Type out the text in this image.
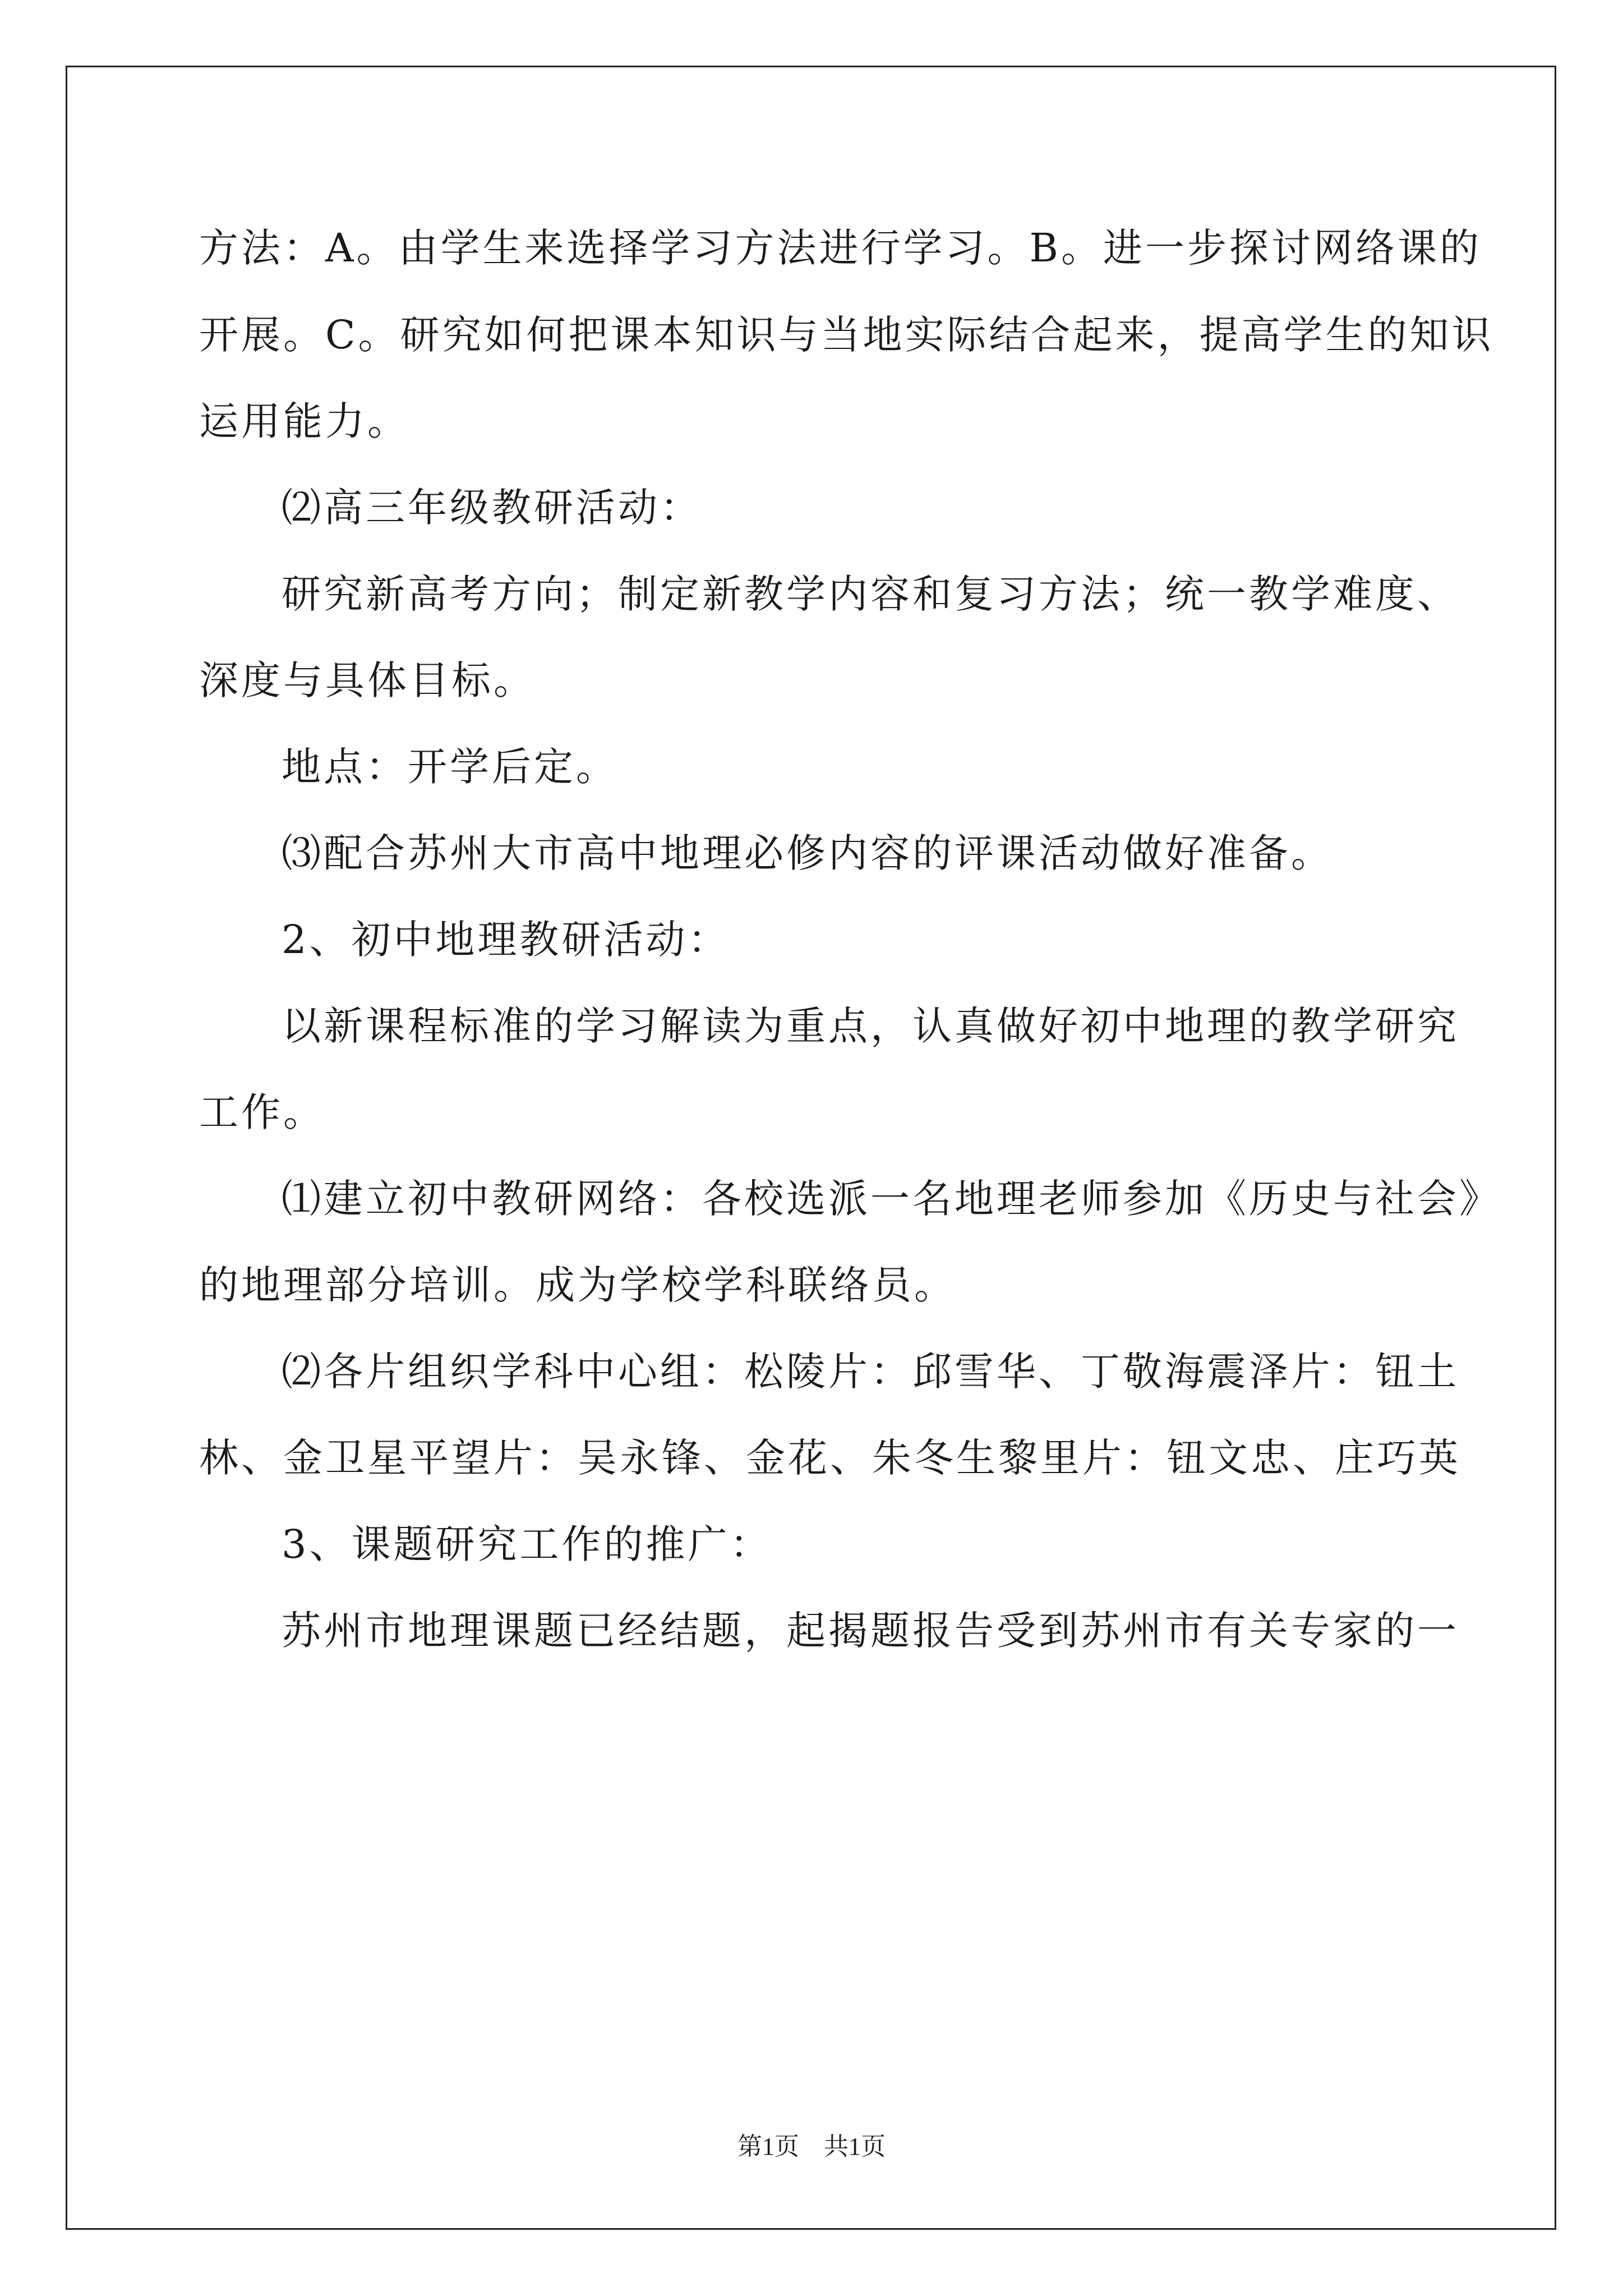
方法：A。由学生来选择学习方法进行学习。B。进一步探讨网络课的
开展。C。研究如何把课本知识与当地实际结合起来，提高学生的知识
运用能力。
⑵高三年级教研活动：
研究新高考方向；制定新教学内容和复习方法；统一教学难度、
深度与具体目标。
地点：开学后定。
⑶配合苏州大市高中地理必修内容的评课活动做好准备。
2、初中地理教研活动：
以新课程标准的学习解读为重点，认真做好初中地理的教学研究
工作。
⑴建立初中教研网络：各校选派一名地理老师参加《历史与社会》
的地理部分培训。成为学校学科联络员。
⑵各片组织学科中心组：松陵片：邱雪华、丁敬海震泽片：钮土
林、金卫星平望片：吴永锋、金花、朱冬生黎里片：钮文忠、庄巧英
3、课题研究工作的推广：
苏州市地理课题已经结题，起揭题报告受到苏州市有关专家的一
第1页    共1页
